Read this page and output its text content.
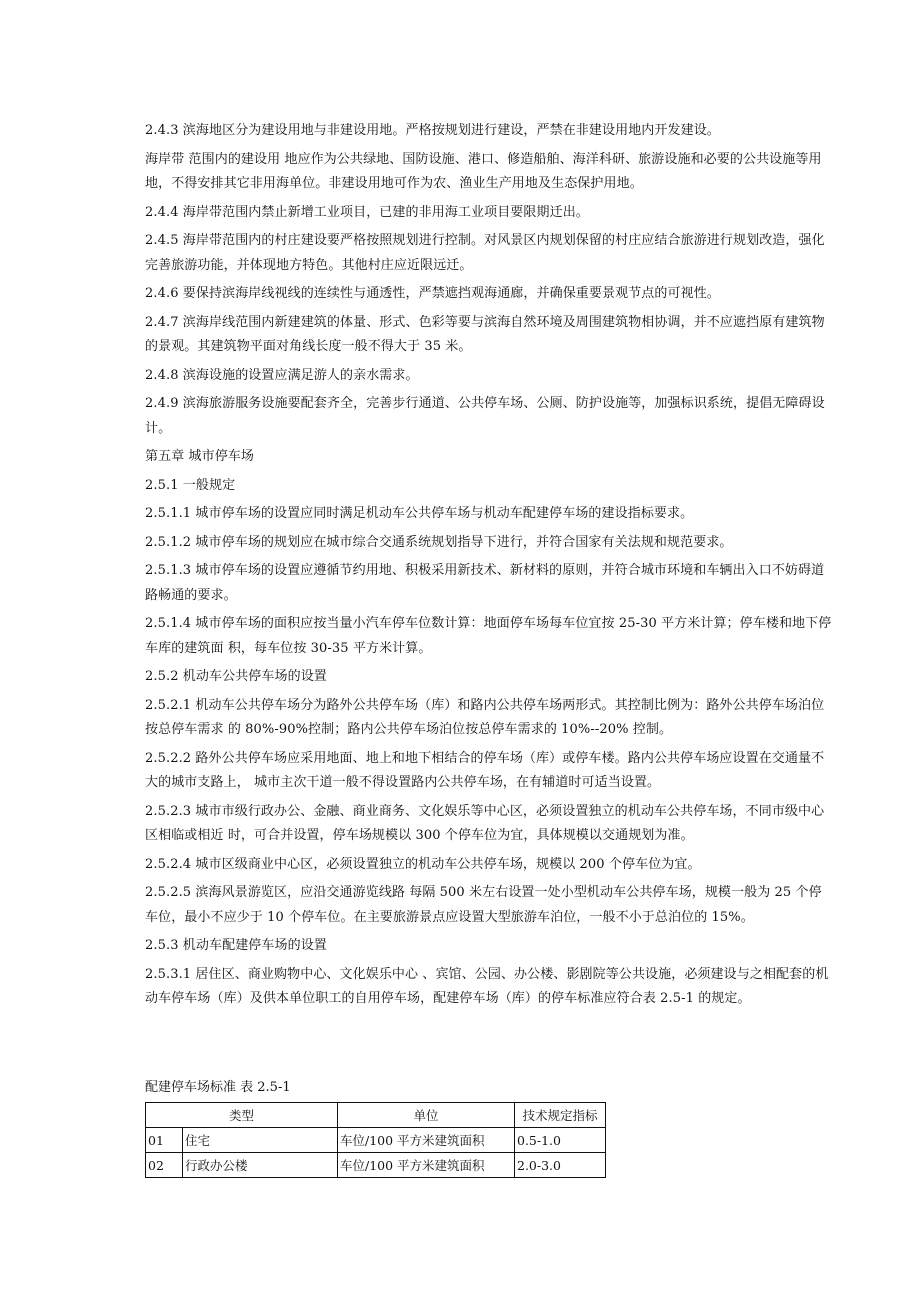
2.4.3 滨海地区分为建设用地与非建设用地。严格按规划进行建设，严禁在非建设用地内开发建设。

海岸带 范围内的建设用 地应作为公共绿地、国防设施、港口、修造船舶、海洋科研、旅游设施和必要的公共设施等用地，不得安排其它非用海单位。非建设用地可作为农、渔业生产用地及生态保护用地。

2.4.4 海岸带范围内禁止新增工业项目，已建的非用海工业项目要限期迁出。

2.4.5 海岸带范围内的村庄建设要严格按照规划进行控制。对风景区内规划保留的村庄应结合旅游进行规划改造，强化完善旅游功能，并体现地方特色。其他村庄应近限远迁。

2.4.6 要保持滨海岸线视线的连续性与通透性，严禁遮挡观海通廊，并确保重要景观节点的可视性。

2.4.7 滨海岸线范围内新建建筑的体量、形式、色彩等要与滨海自然环境及周围建筑物相协调，并不应遮挡原有建筑物的景观。其建筑物平面对角线长度一般不得大于 35 米。

2.4.8 滨海设施的设置应满足游人的亲水需求。

2.4.9 滨海旅游服务设施要配套齐全，完善步行通道、公共停车场、公厕、防护设施等，加强标识系统，提倡无障碍设计。

第五章 城市停车场

2.5.1 一般规定

2.5.1.1 城市停车场的设置应同时满足机动车公共停车场与机动车配建停车场的建设指标要求。

2.5.1.2 城市停车场的规划应在城市综合交通系统规划指导下进行，并符合国家有关法规和规范要求。

2.5.1.3 城市停车场的设置应遵循节约用地、积极采用新技术、新材料的原则，并符合城市环境和车辆出入口不妨碍道路畅通的要求。

2.5.1.4 城市停车场的面积应按当量小汽车停车位数计算：地面停车场每车位宜按 25-30 平方米计算；停车楼和地下停车库的建筑面 积，每车位按 30-35 平方米计算。

2.5.2 机动车公共停车场的设置

2.5.2.1 机动车公共停车场分为路外公共停车场（库）和路内公共停车场两形式。其控制比例为：路外公共停车场泊位按总停车需求 的 80%-90%控制；路内公共停车场泊位按总停车需求的 10%--20% 控制。

2.5.2.2 路外公共停车场应采用地面、地上和地下相结合的停车场（库）或停车楼。路内公共停车场应设置在交通量不大的城市支路上， 城市主次干道一般不得设置路内公共停车场，在有辅道时可适当设置。

2.5.2.3 城市市级行政办公、金融、商业商务、文化娱乐等中心区，必须设置独立的机动车公共停车场，不同市级中心区相临或相近 时，可合并设置，停车场规模以 300 个停车位为宜，具体规模以交通规划为准。

2.5.2.4 城市区级商业中心区，必须设置独立的机动车公共停车场，规模以 200 个停车位为宜。

2.5.2.5 滨海风景游览区，应沿交通游览线路 每隔 500 米左右设置一处小型机动车公共停车场，规模一般为 25 个停车位，最小不应少于 10 个停车位。在主要旅游景点应设置大型旅游车泊位，一般不小于总泊位的 15%。

2.5.3 机动车配建停车场的设置

2.5.3.1 居住区、商业购物中心、文化娱乐中心 、宾馆、公园、办公楼、影剧院等公共设施，必须建设与之相配套的机动车停车场（库）及供本单位职工的自用停车场，配建停车场（库）的停车标准应符合表 2.5-1 的规定。

配建停车场标准 表 2.5-1
类型		单位	技术规定指标
01	住宅	车位/100 平方米建筑面积	0.5-1.0
02	行政办公楼	车位/100 平方米建筑面积	2.0-3.0
